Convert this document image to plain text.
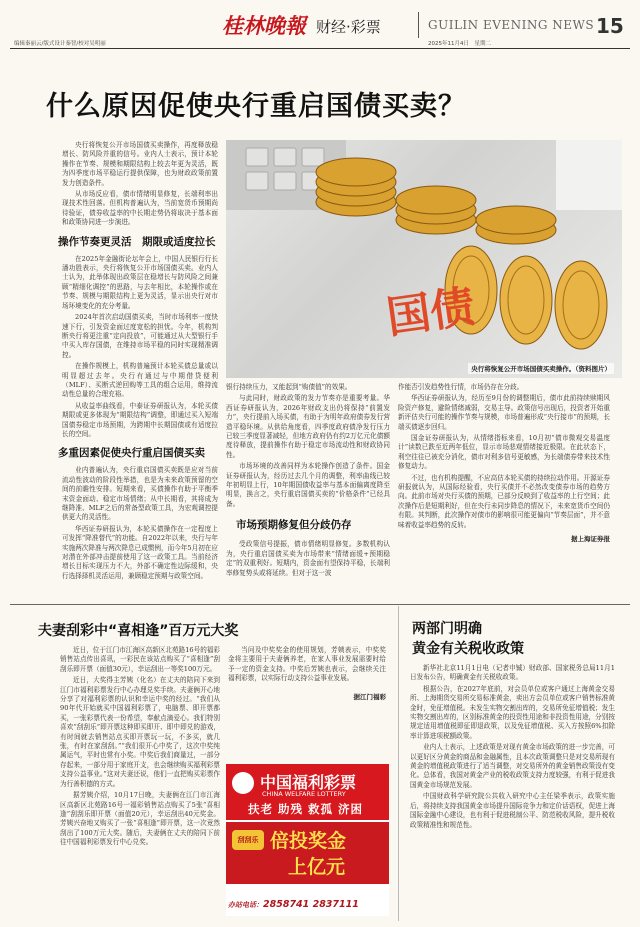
桂林晚報 财经·彩票	GUILIN EVENING NEWS 15
编辑秦丽云/版式设计秦智/校对吴明丽	2025年11月4日　星期二
什么原因促使央行重启国债买卖？

央行将恢复公开市场国债买卖操作，再度释放稳增长、防风险并重的信号。业内人士表示，预计本轮操作在节奏、规模和期限结构上较去年更为灵活，既为四季度市场平稳运行提供保障，也为财政政策前置发力创造条件。

从市场反应看，债市情绪明显修复，长端利率出现技术性回落。但机构普遍认为，当前宽货币预期尚待验证，债券收益率的中长期走势仍将取决于基本面和政策协同进一步演进。

操作节奏更灵活　期限或适度拉长

在2025年金融街论坛年会上，中国人民银行行长潘功胜表示，央行将恢复公开市场国债买卖。业内人士认为，此举体现出政策层在稳增长与防风险之间兼顾“精细化调控”的思路，与去年相比，本轮操作或在节奏、规模与期限结构上更为灵活，显示出央行对市场环境变化的充分考量。

2024年首次启动国债买卖，当时市场利率一度快速下行，引发资金面过度宽松的担忧。今年，机构判断央行将更注重“定向投放”，可能通过从大型银行手中买入库存国债，在维持市场平稳的同时实现精准调控。

在操作规模上，机构普遍预计本轮买债总量或以明显超过去年。央行有通过与中期借贷便利（MLF）、买断式逆回购等工具的组合运用，维持流动性总量的合理充裕。

从收益率曲线看，中泰证券研报认为，本轮买债期限或更多体现为“期限结构”调整，即通过买入短端国债券稳定市场预期，为跨期中长期国债或有适度拉长的空间。

多重因素促使央行重启国债买卖

业内普遍认为，央行重启国债买卖既是应对当前流动性波动的阶段性举措，也是为未来政策预留的空间的前瞻性安排。短期来看，买债操作有助于平衡季末资金面动、稳定市场情绪；从中长期看，其将成为继降准、MLF之后的常备型政策工具，为宏观调控提供更大的灵活性。

华西证券研报认为，本轮买债操作在一定程度上可发挥“降准替代”的功能。自2022年以来，央行与年实施两次降准与两次降息已成惯例，而今年5月初在应对潜在外部冲击提前使用了这一政策工具。当前经济增长目标实现压力不大，外部不确定性边际缓和，央行选择择机灵活运用，兼顾稳定预期与政策空间。

国债
央行将恢复公开市场国债买卖操作。（资料图片）

银行持续压力，又能起到“购债值”的效果。

与此同时，财政政策的发力节奏亦是重要考量。华西证券研报认为，2026年财政支出仍将保持“前置发力”，央行提前入场买债，有助于为明年政府债券发行营造平稳环境。从供给角度看，四季度政府债净发行压力已较三季度显著减轻，但地方政府仍有约2万亿元化债额度待释放，提前操作有助于稳定市场流动性和财政协同性。

市场环境的改善同样为本轮操作创造了条件。国金证券研报认为，经历过去几个月的调整，利率曲线已较年初明显上行，10年期国债收益率与基本面偏离度降至明显，换言之，央行重启国债买卖的“价格条件”已经具备。

市场预期修复但分歧仍存

受政策信号提振，债市情绪明显修复。多数机构认为，央行重启国债买卖为市场带来“情绪面缓+预期稳定”的双重利好。短期内，资金面有望保持平稳，长端利率修复势头或将延续。但对于这一波

作能否引发趋势性行情，市场仍存在分歧。

华西证券研报认为，经历至9月份的调整期后，债市此前持续赎期风险资产修复，避险情绪减弱，交易主导。政策信号出现后，投资者开始重新评估央行可能的操作节奏与规模，市场普遍形成“央行接市”的预期，长端买债逐步回归。

国金证券研报认为，从情绪指标来看，10月初“债市微观交易温度计”读数已跌至近两年低位，显示市场悲观情绪接近极限。在此状态下，利空往往已被充分消化，债市对利多信号更敏感，为长端债券带来技术性修复动力。

不过，也有机构提醒，不应高估本轮买债的持续拉动作用。开源证券研报就认为，从国际经验看，央行买债并不必然改变债券市场的趋势方向。此前市场对央行买债的预期，已部分反映到了收益率的上行空间；此次操作后是短期利好，但在央行未同步降息的情况下，未来宽货币空间仍有限。其判断，此次操作对债市的影响很可能更偏向“节奏层面”，并不意味着收益率趋势的反转。

据上海证券报
夫妻刮彩中“喜相逢”百万元大奖

近日，位于江门市江海区高新区北苑路16号的福彩销售站点传出喜讯，一彩民在该站点购买了“喜相逢”刮刮乐即开票（面值30元），幸运刮出一等奖100万元。

近日，大奖得主芳姨（化名）在丈夫的陪同下来到江门市福利彩票发行中心办理兑奖手续。夫妻俩开心地分享了对福利彩票的认识和幸运中奖的经过。“我们从90年代开始就买中国福利彩票了，电脑票、即开票都买，一张彩票代表一份希望，奉献点滴爱心。我们特别喜欢“刮刮乐”即开票这种即买即开、即中即兑的游戏，有时间就去销售站点买即开票玩一玩，不多买，就几张，有时在家刮刮。”“我们很开心中奖了，这次中奖纯属运气，平时也常有小奖。中奖后我们商量过，一部分存起来，一部分用于家庭开支，也会继续购买福利彩票支持公益事业。”这对夫妻还说，他们一直把购买彩票作为行善积德的方式。

据芳姨介绍，10月17日晚，夫妻俩在江门市江海区高新区北苑路16号一福彩销售站点购买了5张“喜相逢”刮刮乐即开票（面值20元），幸运刮出40元奖金。芳姨兴奋地又购买了一张“喜相逢”即开票，这一次竟然刮出了100万元大奖。随后，夫妻俩在丈夫的陪同下前往中国福利彩票发行中心兑奖。

当问及中奖奖金的使用规划，芳姨表示，中奖奖金将主要用于夫妻俩养老，在家人事业发展需要时给予一定的资金支持。中奖后芳姨也表示，会继续关注福利彩票，以实际行动支持公益事业发展。

据江门福彩
中国福利彩票
CHINA WELFARE LOTTERY
扶老 助残 救孤 济困
刮刮乐 倍投奖金
上亿元
办站电话：2858741 2837111
两部门明确
黄金有关税收政策

新华社北京11月1日电（记者申铖）财政部、国家税务总局11月1日发布公告，明确黄金有关税收政策。

根据公告，在2027年底前，对会员单位或客户通过上海黄金交易所、上海期货交易所交易标准黄金，卖出方会员单位或客户销售标准黄金时，免征增值税。未发生实物交割出库的，交易所免征增值税；发生实物交割出库的，区别标准黄金的投资性用途和非投资性用途，分别按规定适用增值税即征即退政策，以及免征增值税、买入方按照6%扣除率计算进项税额政策。

业内人士表示，上述政策是对现有黄金市场政策的进一步完善，可以更好区分黄金的商品和金融属性，且本次政策调整只是对交易所现有黄金的增值税政策进行了适当调整，对交易所外的黄金销售政策没有变化。总体看，我国对黄金产业的税收政策支持力度较强，有利于促进我国黄金市场规范发展。

中国财政科学研究院公共收入研究中心主任梁季表示，政策实施后，将持续支持我国黄金市场提升国际竞争力和定价话语权，促进上海国际金融中心建设，也有利于促进税制公平、防范税收风险，提升税收政策精准性和规范性。
